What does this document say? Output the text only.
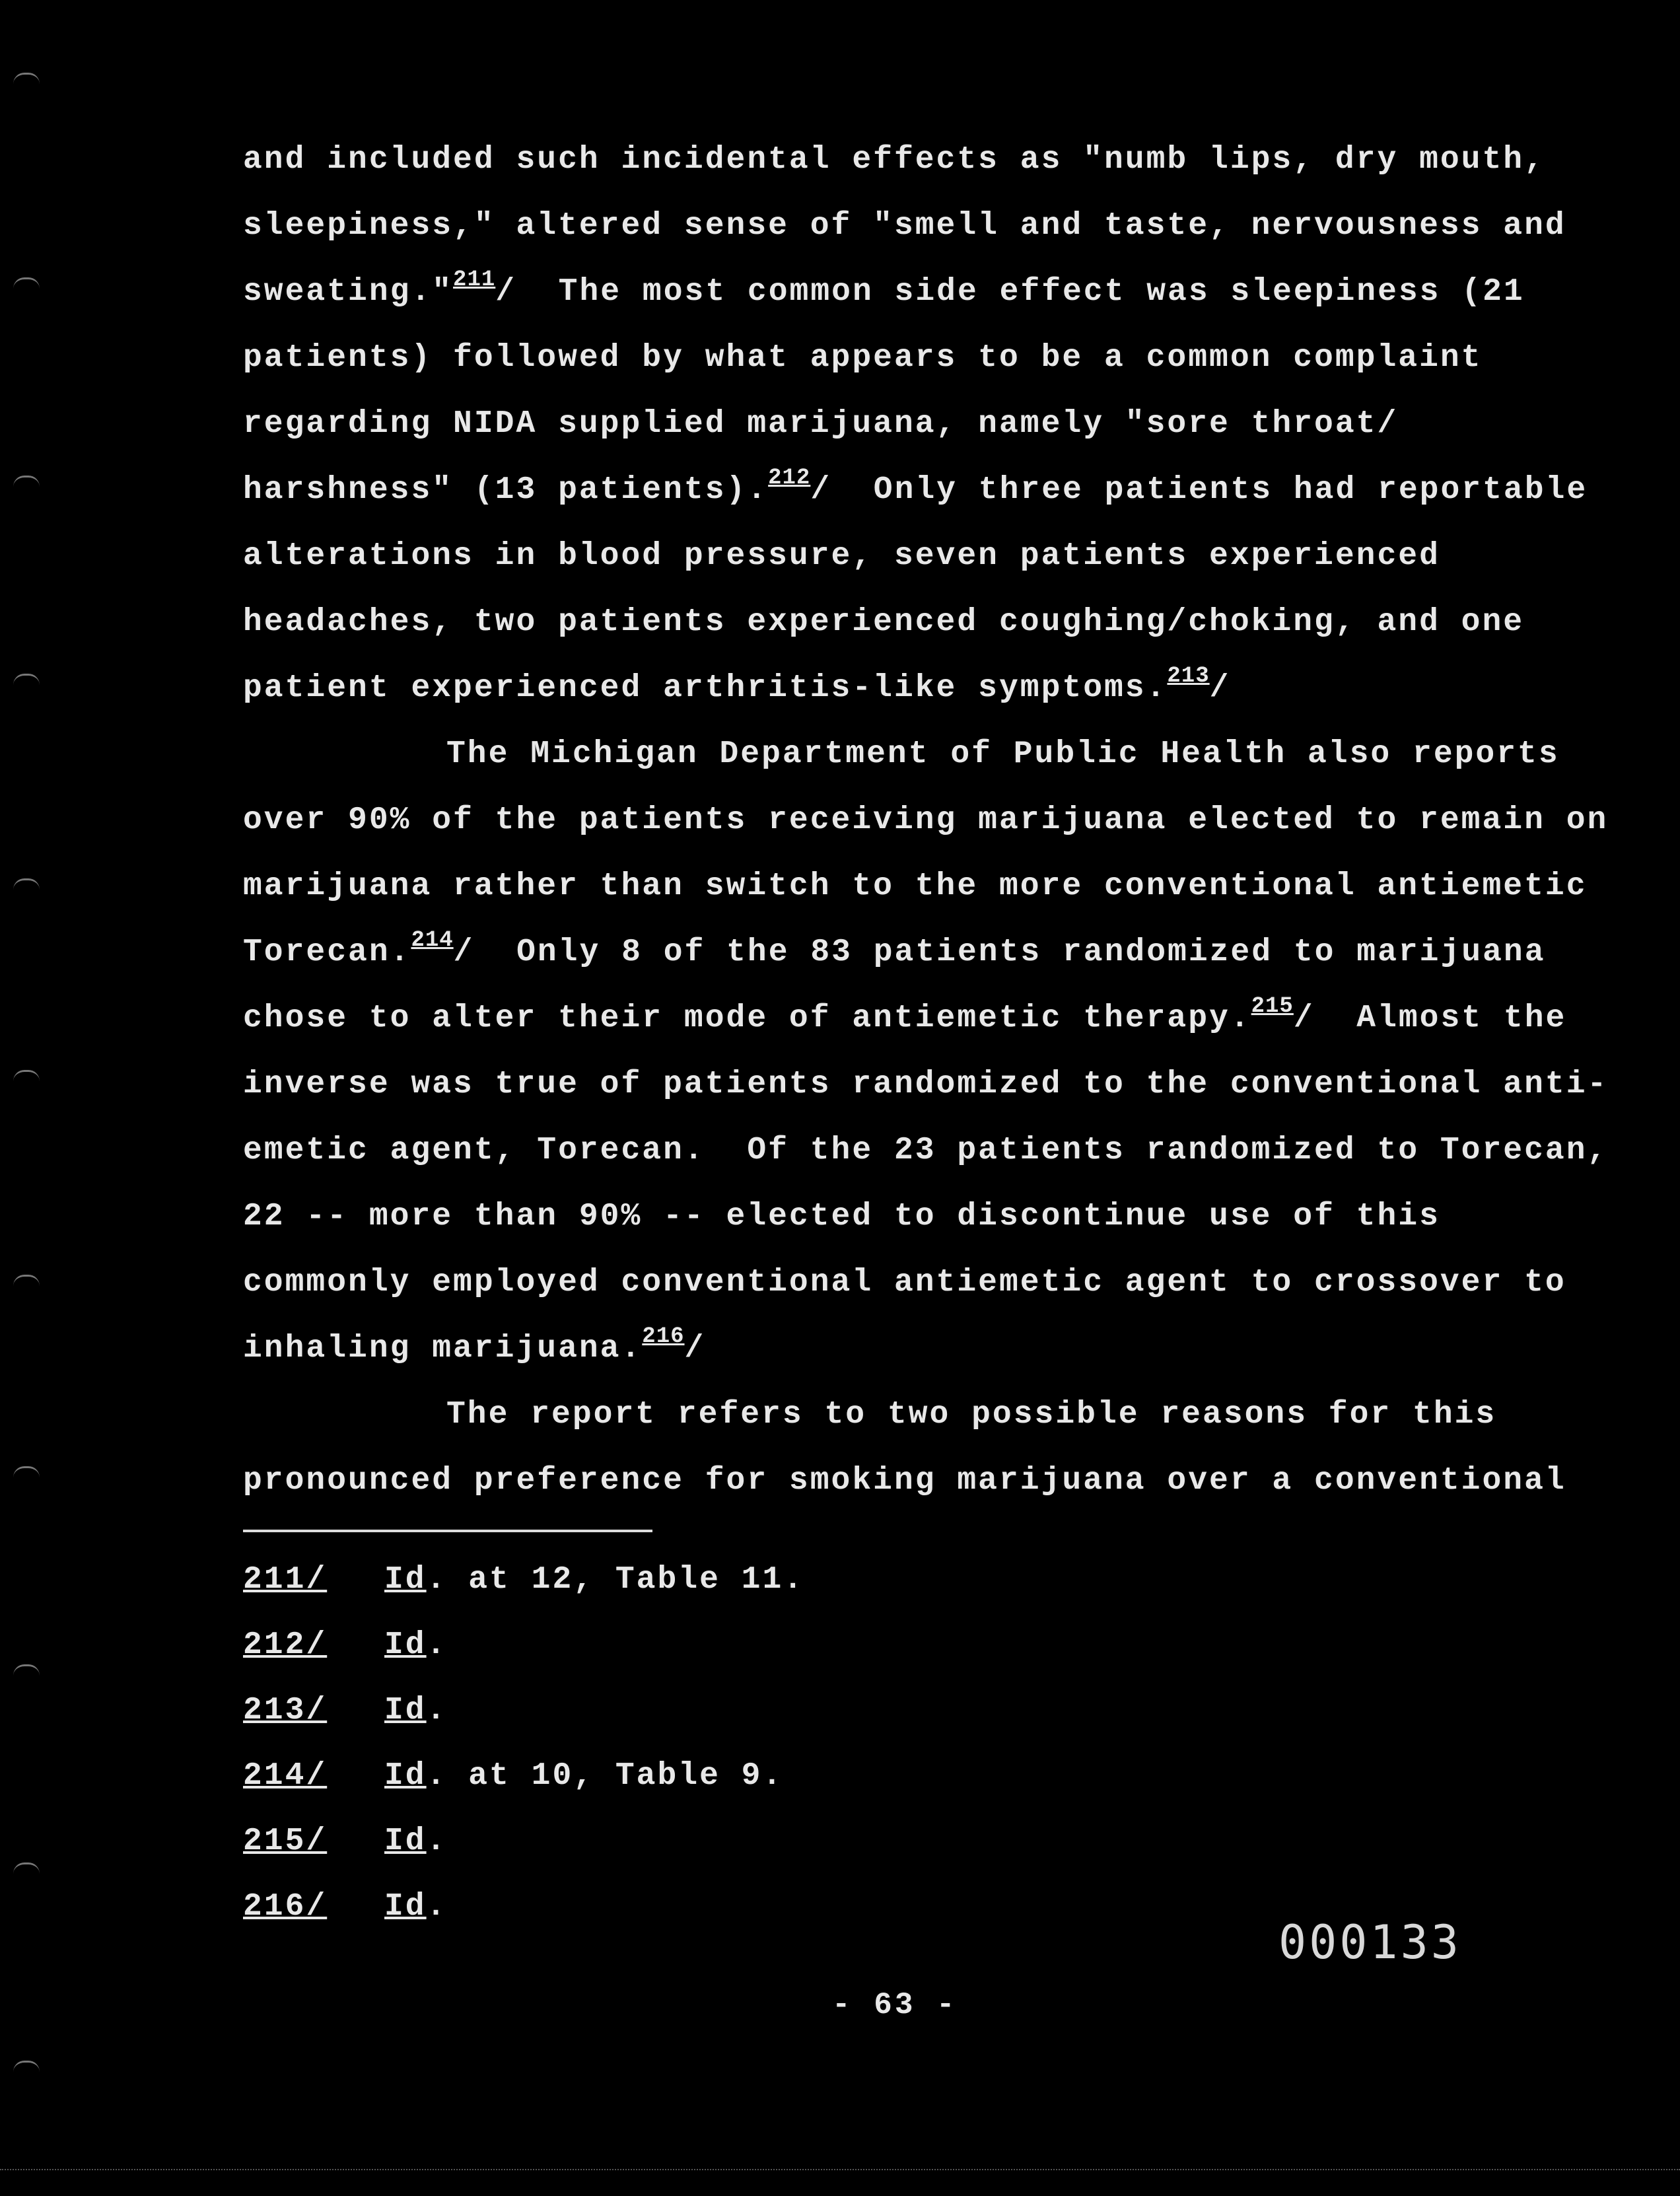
and included such incidental effects as "numb lips, dry mouth,
sleepiness," altered sense of "smell and taste, nervousness and
sweating."$^{211}$/  The most common side effect was sleepiness (21
patients) followed by what appears to be a common complaint
regarding NIDA supplied marijuana, namely "sore throat/
harshness" (13 patients).$^{212}$/  Only three patients had reportable
alterations in blood pressure, seven patients experienced
headaches, two patients experienced coughing/choking, and one
patient experienced arthritis-like symptoms.$^{213}$/
The Michigan Department of Public Health also reports
over 90% of the patients receiving marijuana elected to remain on
marijuana rather than switch to the more conventional antiemetic
Torecan.$^{214}$/  Only 8 of the 83 patients randomized to marijuana
chose to alter their mode of antiemetic therapy.$^{215}$/  Almost the
inverse was true of patients randomized to the conventional anti-
emetic agent, Torecan.  Of the 23 patients randomized to Torecan,
22 -- more than 90% -- elected to discontinue use of this
commonly employed conventional antiemetic agent to crossover to
inhaling marijuana.$^{216}$/
The report refers to two possible reasons for this
pronounced preference for smoking marijuana over a conventional
211/ Id. at 12, Table 11.
212/ Id.
213/ Id.
214/ Id. at 10, Table 9.
215/ Id.
216/ Id.
000133
- 63 -
